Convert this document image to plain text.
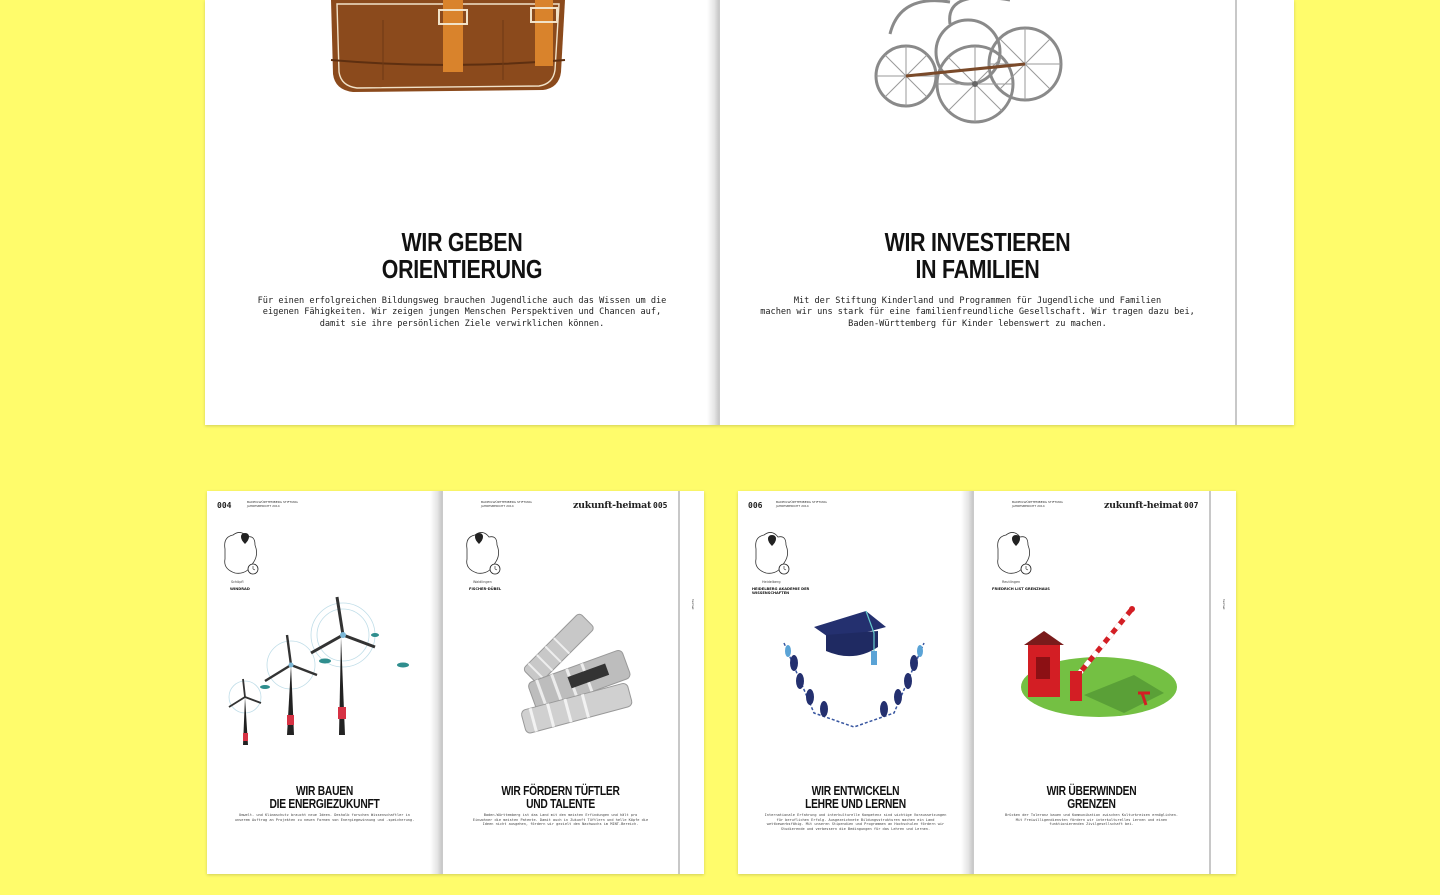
WIR GEBEN
ORIENTIERUNG

Für einen erfolgreichen Bildungsweg brauchen Jugendliche auch das Wissen um die
eigenen Fähigkeiten. Wir zeigen jungen Menschen Perspektiven und Chancen auf,
damit sie ihre persönlichen Ziele verwirklichen können.

WIR INVESTIEREN
IN FAMILIEN

Mit der Stiftung Kinderland und Programmen für Jugendliche und Familien
machen wir uns stark für eine familienfreundliche Gesellschaft. Wir tragen dazu bei,
Baden-Württemberg für Kinder lebenswert zu machen.

004	BADEN-WÜRTTEMBERG STIFTUNG
JAHRESBERICHT 2014
Schöpfl
WINDRAD
WIR BAUEN
DIE ENERGIEZUKUNFT

Umwelt- und Klimaschutz braucht neue Ideen. Deshalb forschen Wissenschaftler in
unserem Auftrag an Projekten zu neuen Formen von Energiegewinnung und -speicherung.

BADEN-WÜRTTEMBERG STIFTUNG
JAHRESBERICHT 2014	zukunft-heimat 005
Waldlingen
FISCHER-DÜBEL
WIR FÖRDERN TÜFTLER
UND TALENTE

Baden-Württemberg ist das Land mit den meisten Erfindungen und hält pro
Einwohner die meisten Patente. Damit auch in Zukunft Tüftlern und helle Köpfe die
Ideen nicht ausgehen, fördern wir gezielt den Nachwuchs im MINT-Bereich.

heimat
006	BADEN-WÜRTTEMBERG STIFTUNG
JAHRESBERICHT 2014
Heidelberg
HEIDELBERG AKADEMIE DER WISSENSCHAFTEN
WIR ENTWICKELN
LEHRE UND LERNEN

Internationale Erfahrung und interkulturelle Kompetenz sind wichtige Voraussetzungen
für beruflichen Erfolg. Ausgezeichnete Bildungsstrukturen machen ein Land
wettbewerbsfähig. Mit unseren Stipendien und Programmen an Hochschulen fördern wir
Studierende und verbessern die Bedingungen für das Lehren und Lernen.

BADEN-WÜRTTEMBERG STIFTUNG
JAHRESBERICHT 2014	zukunft-heimat 007
Reutlingen
FRIEDRICH LIST GRENZHAUS
WIR ÜBERWINDEN
GRENZEN

Brücken der Toleranz bauen und Kommunikation zwischen Kulturkreisen ermöglichen.
Mit Freiwilligendiensten fördern wir interkulturelles Lernen und einen
funktionierenden Zivilgesellschaft bei.

heimat
